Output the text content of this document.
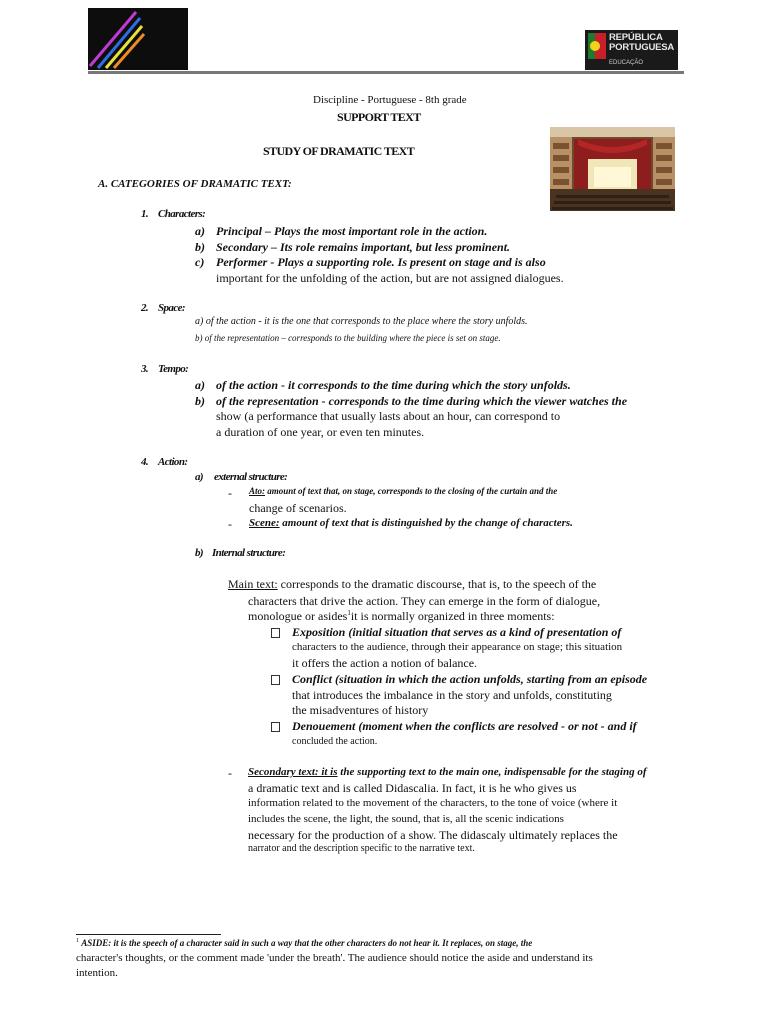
REPÚBLICA
PORTUGUESA
EDUCAÇÃO
Discipline - Portuguese - 8th grade
SUPPORT TEXT
STUDY OF DRAMATIC TEXT
A. CATEGORIES OF DRAMATIC TEXT:
1. Characters:
a) Principal – Plays the most important role in the action.
b) Secondary – Its role remains important, but less prominent.
c) Performer - Plays a supporting role. Is present on stage and is also
important for the unfolding of the action, but are not assigned dialogues.
2. Space:
a) of the action - it is the one that corresponds to the place where the story unfolds.
b) of the representation – corresponds to the building where the piece is set on stage.
3. Tempo:
a) of the action - it corresponds to the time during which the story unfolds.
b) of the representation - corresponds to the time during which the viewer watches the
show (a performance that usually lasts about an hour, can correspond to
a duration of one year, or even ten minutes.
4. Action:
a) external structure:
- Ato: amount of text that, on stage, corresponds to the closing of the curtain and the
change of scenarios.
- Scene: amount of text that is distinguished by the change of characters.
b) Internal structure:
Main text: corresponds to the dramatic discourse, that is, to the speech of the
characters that drive the action. They can emerge in the form of dialogue,
monologue or asides$^1$it is normally organized in three moments:
Exposition (initial situation that serves as a kind of presentation of
characters to the audience, through their appearance on stage; this situation
it offers the action a notion of balance.
Conflict (situation in which the action unfolds, starting from an episode
that introduces the imbalance in the story and unfolds, constituting
the misadventures of history
Denouement (moment when the conflicts are resolved - or not - and if
concluded the action.
- Secondary text: it is the supporting text to the main one, indispensable for the staging of
a dramatic text and is called Didascalia. In fact, it is he who gives us
information related to the movement of the characters, to the tone of voice (where it
includes the scene, the light, the sound, that is, all the scenic indications
necessary for the production of a show. The didascaly ultimately replaces the
narrator and the description specific to the narrative text.
$^1$ ASIDE: it is the speech of a character said in such a way that the other characters do not hear it. It replaces, on stage, the
character's thoughts, or the comment made 'under the breath'. The audience should notice the aside and understand its
intention.
